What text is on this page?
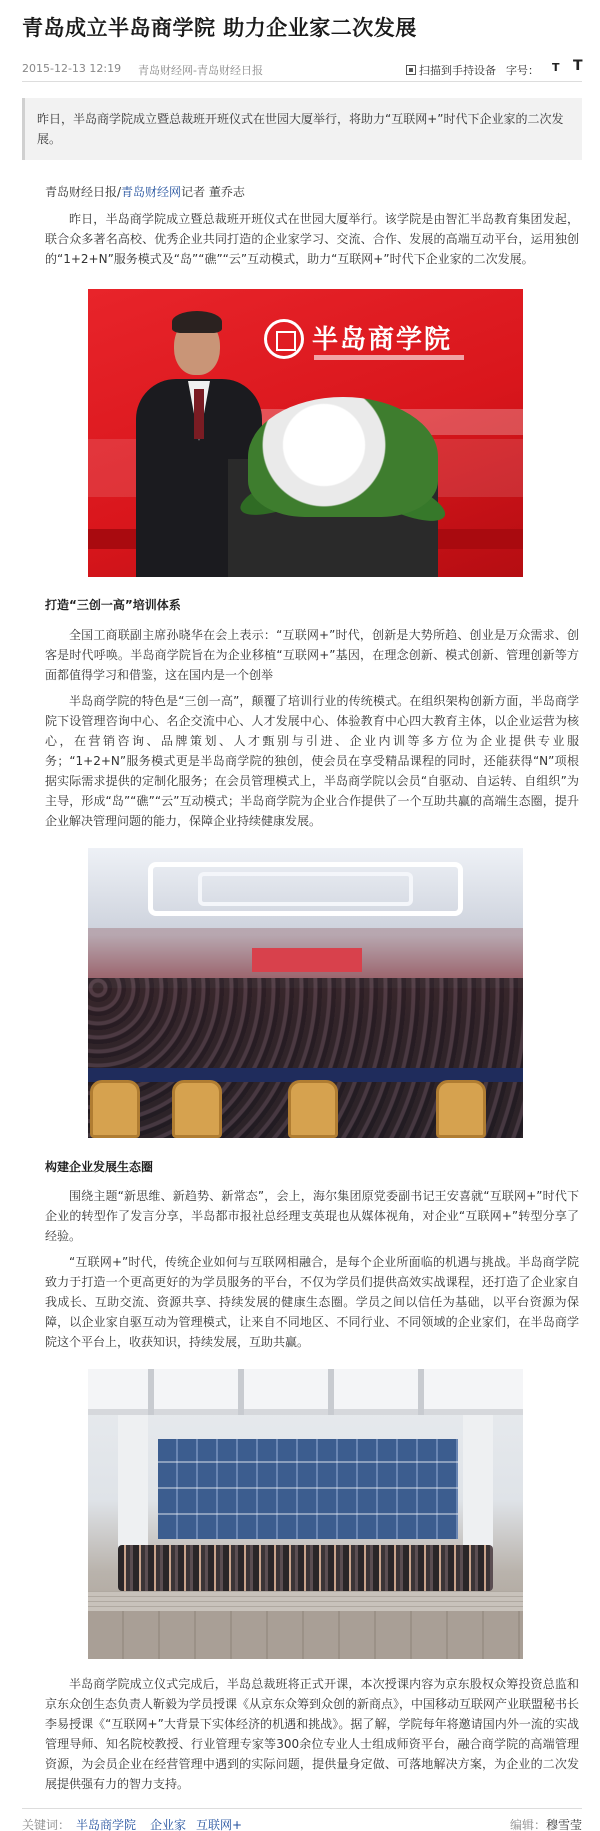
青岛成立半岛商学院 助力企业家二次发展
2015-12-13 12:19 青岛财经网-青岛财经日报	扫描到手持设备 字号： T T
昨日，半岛商学院成立暨总裁班开班仪式在世园大厦举行，将助力“互联网+”时代下企业家的二次发展。
青岛财经日报/青岛财经网记者 董乔志
昨日，半岛商学院成立暨总裁班开班仪式在世园大厦举行。该学院是由智汇半岛教育集团发起，联合众多著名高校、优秀企业共同打造的企业家学习、交流、合作、发展的高端互动平台，运用独创的“1+2+N”服务模式及“岛”“礁”“云”互动模式，助力“互联网+”时代下企业家的二次发展。
半岛商学院
打造“三创一高”培训体系
全国工商联副主席孙晓华在会上表示：“互联网+”时代，创新是大势所趋、创业是万众需求、创客是时代呼唤。半岛商学院旨在为企业移植“互联网+”基因，在理念创新、模式创新、管理创新等方面都值得学习和借鉴，这在国内是一个创举
半岛商学院的特色是“三创一高”，颠覆了培训行业的传统模式。在组织架构创新方面，半岛商学院下设管理咨询中心、名企交流中心、人才发展中心、体验教育中心四大教育主体，以企业运营为核心，在营销咨询、品牌策划、人才甄别与引进、企业内训等多方位为企业提供专业服务；“1+2+N”服务模式更是半岛商学院的独创，使会员在享受精品课程的同时，还能获得“N”项根据实际需求提供的定制化服务；在会员管理模式上，半岛商学院以会员“自驱动、自运转、自组织”为主导，形成“岛”“礁”“云”互动模式；半岛商学院为企业合作提供了一个互助共赢的高端生态圈，提升企业解决管理问题的能力，保障企业持续健康发展。
构建企业发展生态圈
围绕主题“新思维、新趋势、新常态”，会上，海尔集团原党委副书记王安喜就“互联网+”时代下企业的转型作了发言分享，半岛都市报社总经理支英琨也从媒体视角，对企业“互联网+”转型分享了经验。
“互联网+”时代，传统企业如何与互联网相融合，是每个企业所面临的机遇与挑战。半岛商学院致力于打造一个更高更好的为学员服务的平台，不仅为学员们提供高效实战课程，还打造了企业家自我成长、互助交流、资源共享、持续发展的健康生态圈。学员之间以信任为基础，以平台资源为保障，以企业家自驱互动为管理模式，让来自不同地区、不同行业、不同领域的企业家们，在半岛商学院这个平台上，收获知识，持续发展，互助共赢。
半岛商学院成立仪式完成后，半岛总裁班将正式开课，本次授课内容为京东股权众筹投资总监和京东众创生态负责人靳毅为学员授课《从京东众筹到众创的新商点》，中国移动互联网产业联盟秘书长李易授课《“互联网+”大背景下实体经济的机遇和挑战》。据了解，学院每年将邀请国内外一流的实战管理导师、知名院校教授、行业管理专家等300余位专业人士组成师资平台，融合商学院的高端管理资源，为会员企业在经营管理中遇到的实际问题，提供量身定做、可落地解决方案，为企业的二次发展提供强有力的智力支持。
关键词： 半岛商学院 企业家 互联网+	编辑：穆雪莹
